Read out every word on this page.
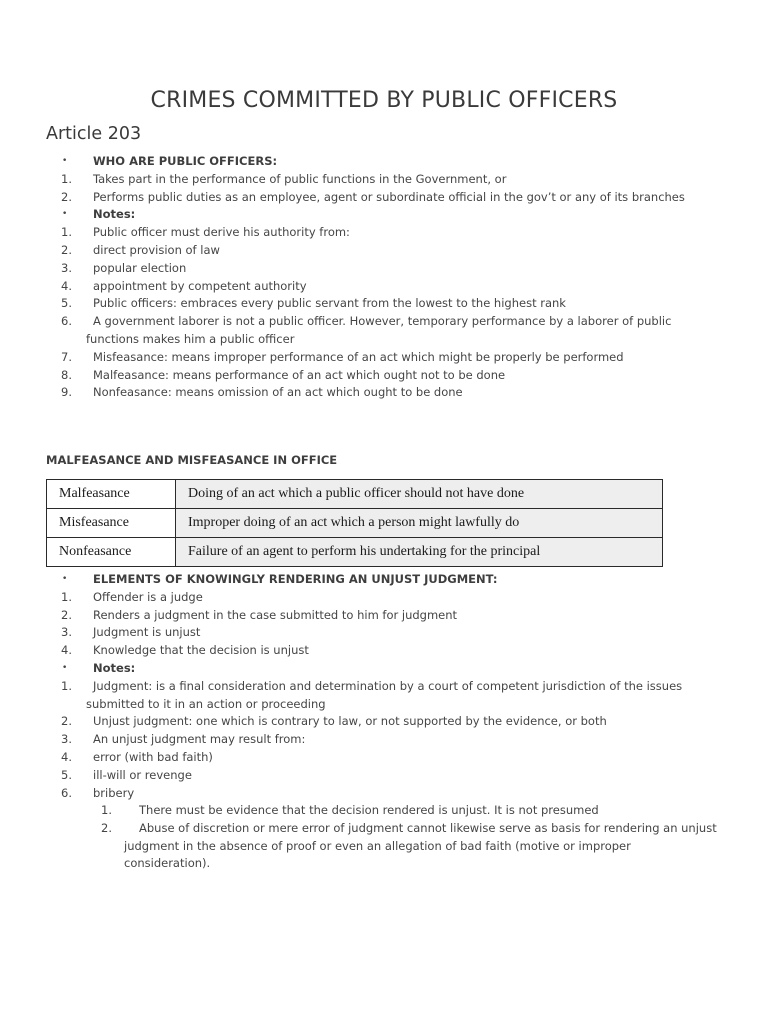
CRIMES COMMITTED BY PUBLIC OFFICERS
Article 203
• WHO ARE PUBLIC OFFICERS:
1. Takes part in the performance of public functions in the Government, or
2. Performs public duties as an employee, agent or subordinate official in the gov’t or any of its branches
• Notes:
1. Public officer must derive his authority from:
2. direct provision of law
3. popular election
4. appointment by competent authority
5. Public officers: embraces every public servant from the lowest to the highest rank
6. A government laborer is not a public officer. However, temporary performance by a laborer of public
functions makes him a public officer
7. Misfeasance: means improper performance of an act which might be properly be performed
8. Malfeasance: means performance of an act which ought not to be done
9. Nonfeasance: means omission of an act which ought to be done
MALFEASANCE AND MISFEASANCE IN OFFICE
Malfeasance	Doing of an act which a public officer should not have done
Misfeasance	Improper doing of an act which a person might lawfully do
Nonfeasance	Failure of an agent to perform his undertaking for the principal
• ELEMENTS OF KNOWINGLY RENDERING AN UNJUST JUDGMENT:
1. Offender is a judge
2. Renders a judgment in the case submitted to him for judgment
3. Judgment is unjust
4. Knowledge that the decision is unjust
• Notes:
1. Judgment: is a final consideration and determination by a court of competent jurisdiction of the issues
submitted to it in an action or proceeding
2. Unjust judgment: one which is contrary to law, or not supported by the evidence, or both
3. An unjust judgment may result from:
4. error (with bad faith)
5. ill-will or revenge
6. bribery
1. There must be evidence that the decision rendered is unjust. It is not presumed
2. Abuse of discretion or mere error of judgment cannot likewise serve as basis for rendering an unjust
judgment in the absence of proof or even an allegation of bad faith (motive or improper
consideration).
